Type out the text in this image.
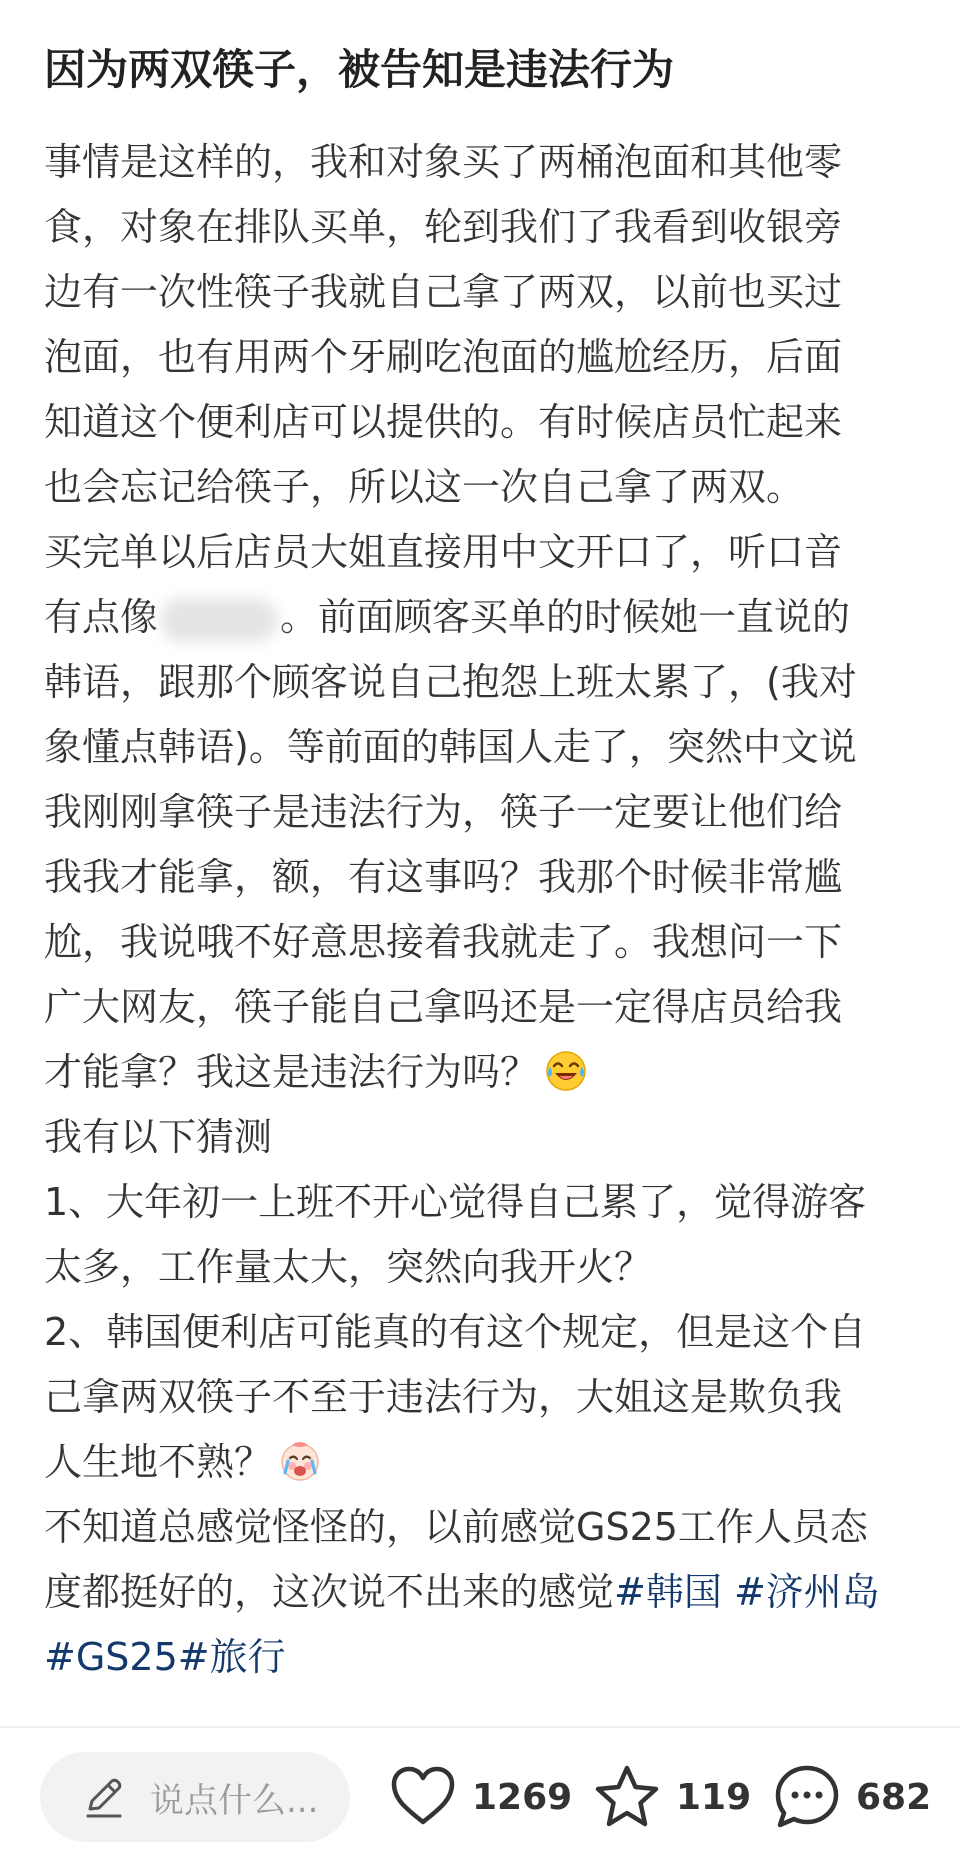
因为两双筷子，被告知是违法行为
事情是这样的，我和对象买了两桶泡面和其他零
食，对象在排队买单，轮到我们了我看到收银旁
边有一次性筷子我就自己拿了两双，以前也买过
泡面，也有用两个牙刷吃泡面的尴尬经历，后面
知道这个便利店可以提供的。有时候店员忙起来
也会忘记给筷子，所以这一次自己拿了两双。
买完单以后店员大姐直接用中文开口了，听口音
有点像	。前面顾客买单的时候她一直说的
韩语，跟那个顾客说自己抱怨上班太累了，(我对
象懂点韩语)。等前面的韩国人走了，突然中文说
我刚刚拿筷子是违法行为，筷子一定要让他们给
我我才能拿，额，有这事吗？我那个时候非常尴
尬，我说哦不好意思接着我就走了。我想问一下
广大网友，筷子能自己拿吗还是一定得店员给我
才能拿？我这是违法行为吗？
我有以下猜测
1、大年初一上班不开心觉得自己累了，觉得游客
太多，工作量太大，突然向我开火？
2、韩国便利店可能真的有这个规定，但是这个自
己拿两双筷子不至于违法行为，大姐这是欺负我
人生地不熟？
不知道总感觉怪怪的，以前感觉GS25工作人员态
度都挺好的，这次说不出来的感觉#韩国 #济州岛
#GS25#旅行
说点什么...	1269	119	682
